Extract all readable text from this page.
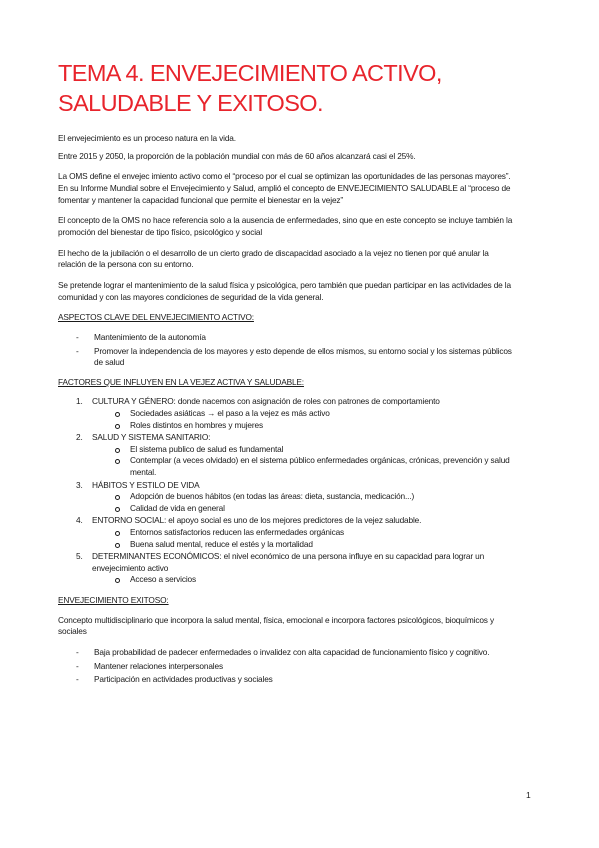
TEMA 4. ENVEJECIMIENTO ACTIVO,
SALUDABLE Y EXITOSO.

El envejecimiento es un proceso natura en la vida.

Entre 2015 y 2050, la proporción de la población mundial con más de 60 años alcanzará casi el 25%.

La OMS define el envejec imiento activo como el “proceso por el cual se optimizan las oportunidades de las personas mayores”. En su Informe Mundial sobre el Envejecimiento y Salud, amplió el concepto de ENVEJECIMIENTO SALUDABLE al “proceso de fomentar y mantener la capacidad funcional que permite el bienestar en la vejez”

El concepto de la OMS no hace referencia solo a la ausencia de enfermedades, sino que en este concepto se incluye también la promoción del bienestar de tipo físico, psicológico y social

El hecho de la jubilación o el desarrollo de un cierto grado de discapacidad asociado a la vejez no tienen por qué anular la relación de la persona con su entorno.

Se pretende lograr el mantenimiento de la salud física y psicológica, pero también que puedan participar en las actividades de la comunidad y con las mayores condiciones de seguridad de la vida general.

ASPECTOS CLAVE DEL ENVEJECIMIENTO ACTIVO:
- Mantenimiento de la autonomía
- Promover la independencia de los mayores y esto depende de ellos mismos, su entorno social y los sistemas públicos de salud
FACTORES QUE INFLUYEN EN LA VEJEZ ACTIVA Y SALUDABLE:
1. CULTURA Y GÉNERO: donde nacemos con asignación de roles con patrones de comportamiento
Sociedades asiáticas → el paso a la vejez es más activo
Roles distintos en hombres y mujeres
2. SALUD Y SISTEMA SANITARIO:
El sistema publico de salud es fundamental
Contemplar (a veces olvidado) en el sistema público enfermedades orgánicas, crónicas, prevención y salud mental.
3. HÁBITOS Y ESTILO DE VIDA
Adopción de buenos hábitos (en todas las áreas: dieta, sustancia, medicación...)
Calidad de vida en general
4. ENTORNO SOCIAL: el apoyo social es uno de los mejores predictores de la vejez saludable.
Entornos satisfactorios reducen las enfermedades orgánicas
Buena salud mental, reduce el estés y la mortalidad
5. DETERMINANTES ECONÓMICOS: el nivel económico de una persona influye en su capacidad para lograr un envejecimiento activo
Acceso a servicios
ENVEJECIMIENTO EXITOSO:

Concepto multidisciplinario que incorpora la salud mental, física, emocional e incorpora factores psicológicos, bioquímicos y sociales

- Baja probabilidad de padecer enfermedades o invalidez con alta capacidad de funcionamiento físico y cognitivo.
- Mantener relaciones interpersonales
- Participación en actividades productivas y sociales
1
